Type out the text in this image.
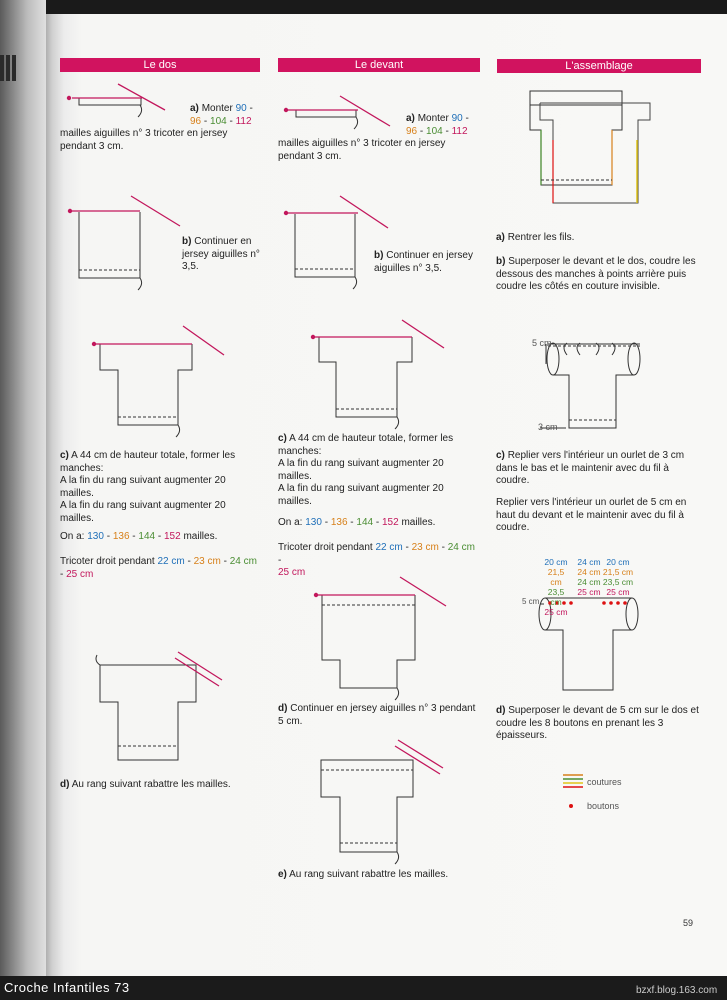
Le dos	Le devant	L'assemblage
a) Monter 90 -
96 - 104 - 112
mailles aiguilles n° 3 tricoter en jersey pendant 3 cm.
b) Continuer en jersey aiguilles n° 3,5.
c) A 44 cm de hauteur totale, former les manches:
A la fin du rang suivant augmenter 20 mailles.
A la fin du rang suivant augmenter 20 mailles.
On a: 130 - 136 - 144 - 152 mailles.
Tricoter droit pendant 22 cm - 23 cm - 24 cm - 25 cm
d) Au rang suivant rabattre les mailles.
a) Monter 90 -
96 - 104 - 112
mailles aiguilles n° 3 tricoter en jersey pendant 3 cm.
b) Continuer en jersey aiguilles n° 3,5.
c) A 44 cm de hauteur totale, former les manches:
A la fin du rang suivant augmenter 20 mailles.
A la fin du rang suivant augmenter 20 mailles.
On a: 130 - 136 - 144 - 152 mailles.
Tricoter droit pendant 22 cm - 23 cm - 24 cm -
25 cm
d) Continuer en jersey aiguilles n° 3 pendant 5 cm.
e) Au rang suivant rabattre les mailles.
a) Rentrer les fils.
b) Superposer le devant et le dos, coudre les dessous des manches à points arrière puis coudre les côtés en couture invisible.
5 cm
3 cm
c) Replier vers l'intérieur un ourlet de 3 cm dans le bas et le maintenir avec du fil à coudre.
Replier vers l'intérieur un ourlet de 5 cm en haut du devant et le maintenir avec du fil à coudre.
20 cm
21,5 cm
23,5 cm
25 cm
24 cm
24 cm
24 cm
25 cm
20 cm
21,5 cm
23,5 cm
25 cm
5 cm
d) Superposer le devant de 5 cm sur le dos et coudre les 8 boutons en prenant les 3 épaisseurs.
coutures
boutons
59
Croche Infantiles 73	bzxf.blog.163.com
